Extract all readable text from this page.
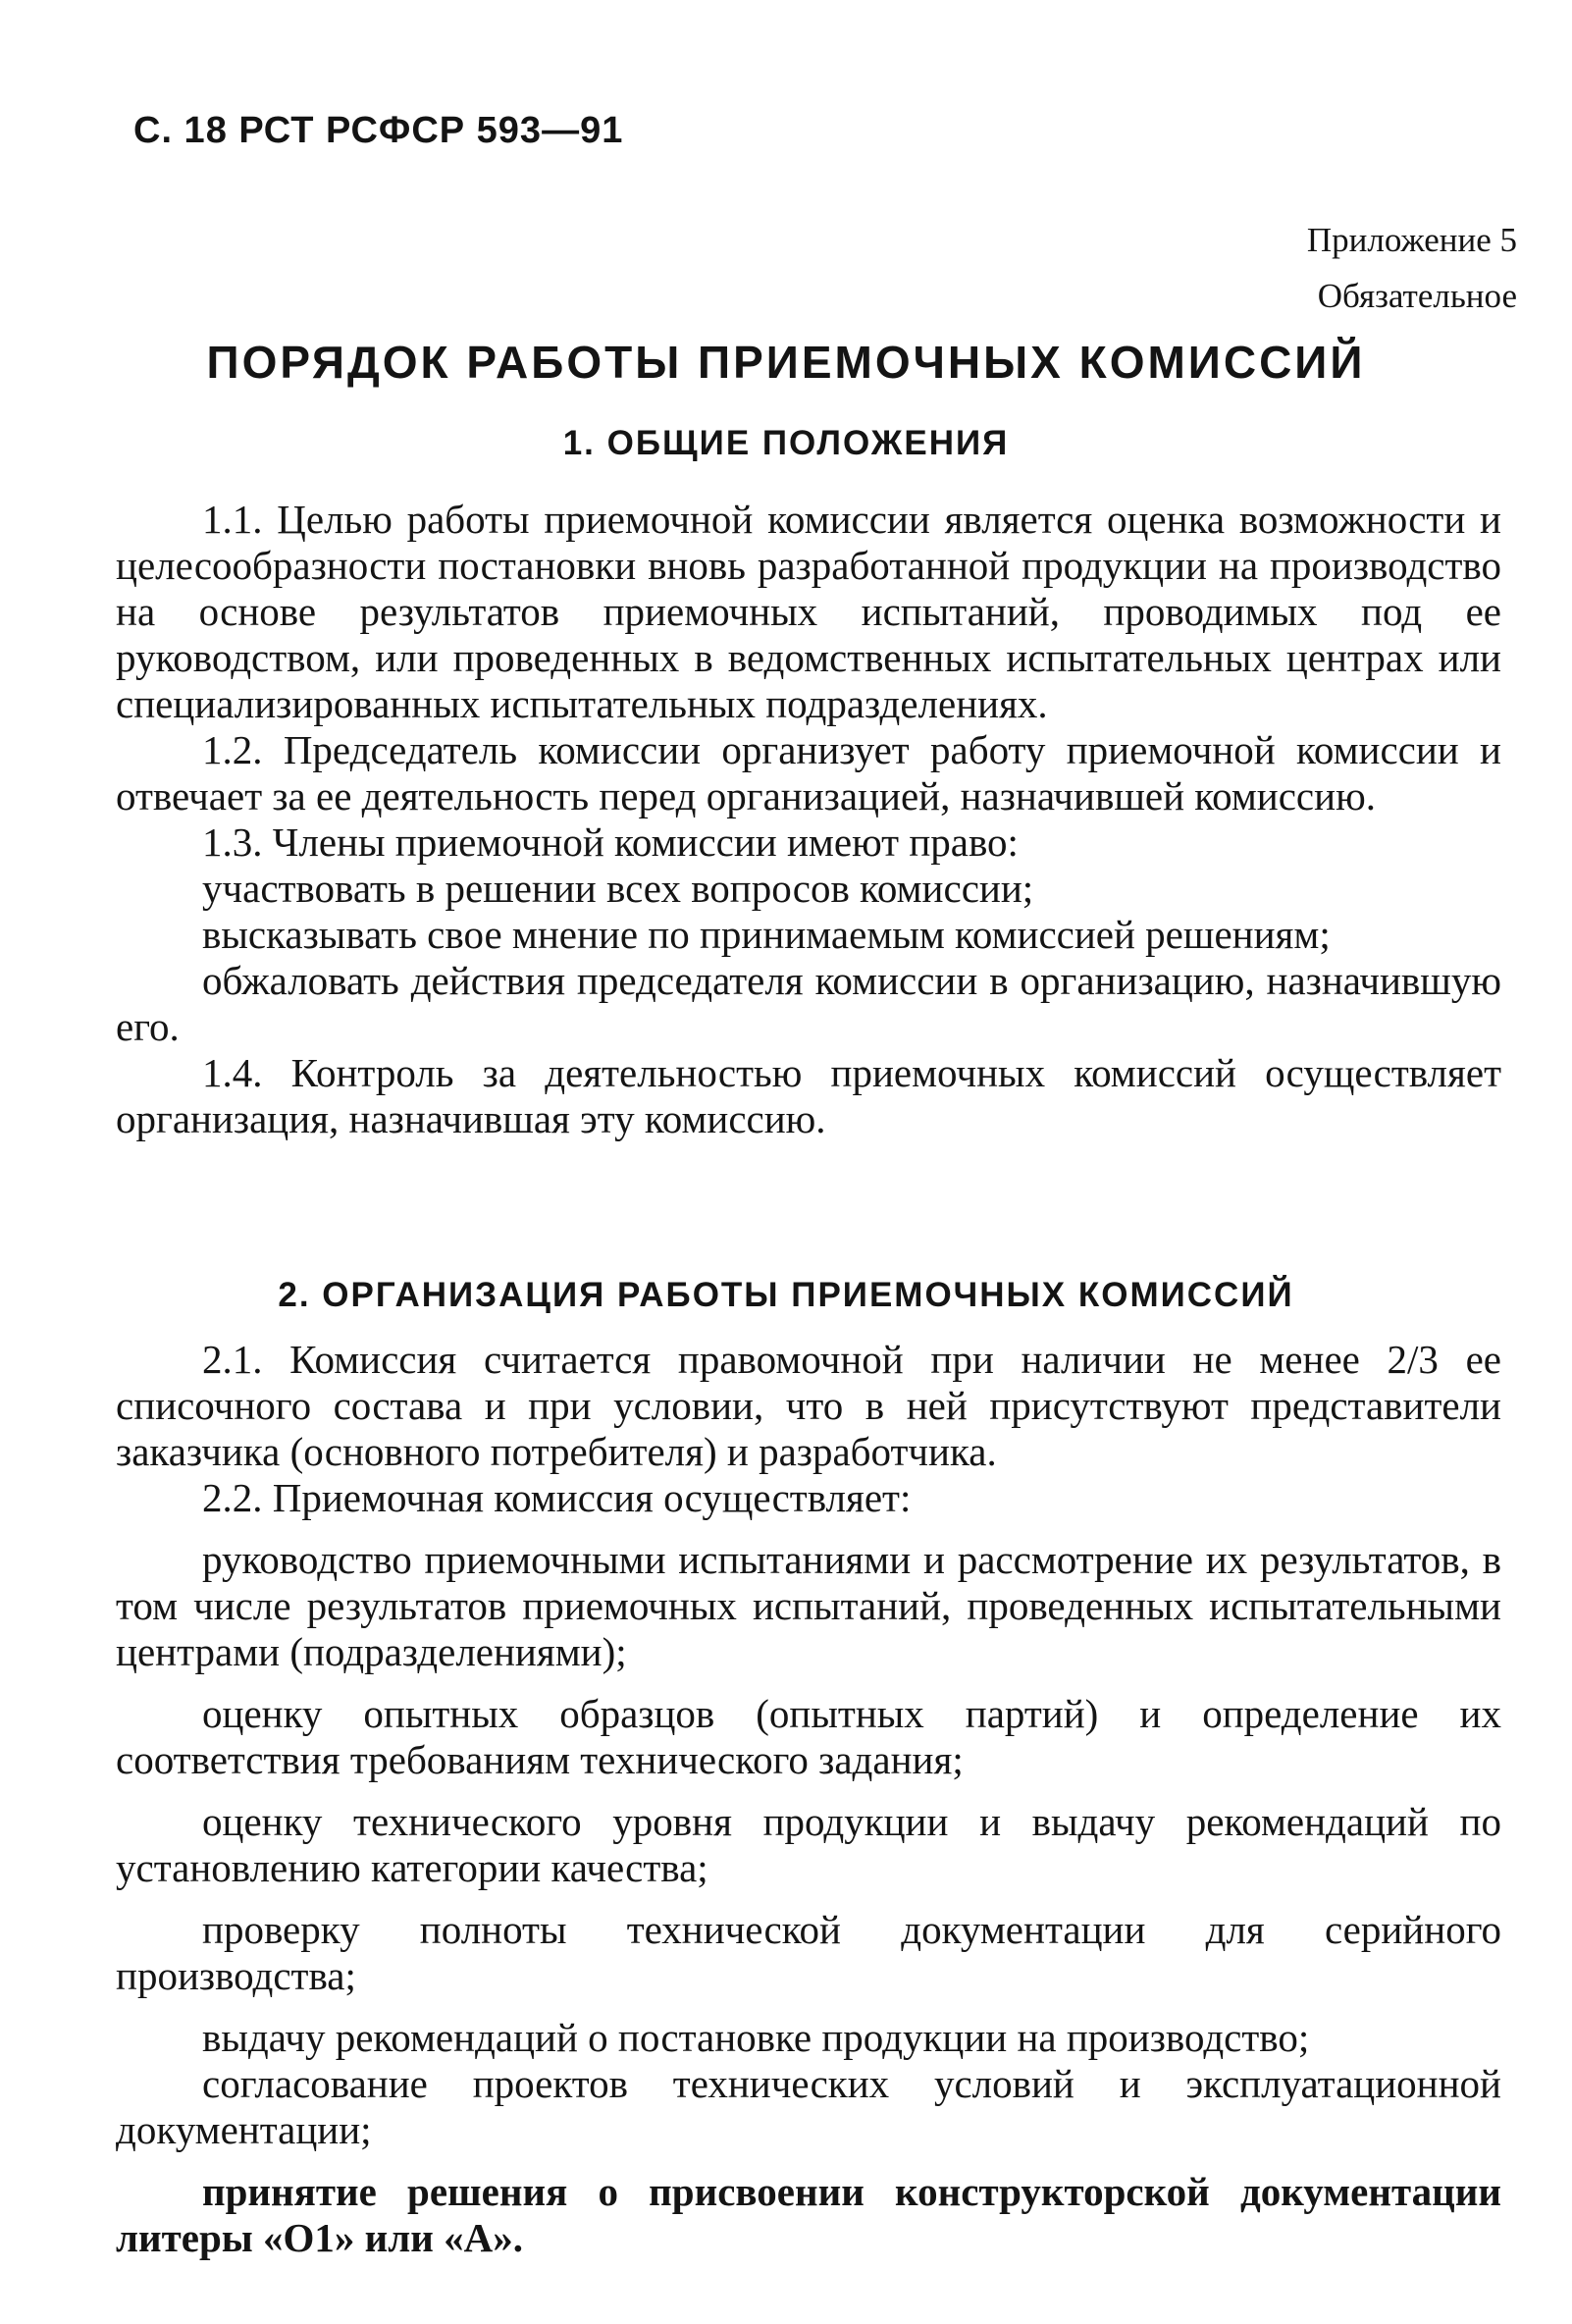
С. 18 РСТ РСФСР 593—91
Приложение 5
Обязательное
ПОРЯДОК РАБОТЫ ПРИЕМОЧНЫХ КОМИССИЙ
1. ОБЩИЕ ПОЛОЖЕНИЯ

1.1. Целью работы приемочной комиссии является оценка возможности и целесообразности постановки вновь разработанной продукции на производство на основе результатов приемочных испытаний, проводимых под ее руководством, или проведенных в ведомственных испытательных центрах или специализированных испытательных подразделениях.

1.2. Председатель комиссии организует работу приемочной комиссии и отвечает за ее деятельность перед организацией, назначившей комиссию.

1.3. Члены приемочной комиссии имеют право:

участвовать в решении всех вопросов комиссии;

высказывать свое мнение по принимаемым комиссией решениям;

обжаловать действия председателя комиссии в организацию, назначившую его.

1.4. Контроль за деятельностью приемочных комиссий осуществляет организация, назначившая эту комиссию.

2. ОРГАНИЗАЦИЯ РАБОТЫ ПРИЕМОЧНЫХ КОМИССИЙ

2.1. Комиссия считается правомочной при наличии не менее 2/3 ее списочного состава и при условии, что в ней присутствуют представители заказчика (основного потребителя) и разработчика.

2.2. Приемочная комиссия осуществляет:

руководство приемочными испытаниями и рассмотрение их результатов, в том числе результатов приемочных испытаний, проведенных испытательными центрами (подразделениями);

оценку опытных образцов (опытных партий) и определение их соответствия требованиям технического задания;

оценку технического уровня продукции и выдачу рекомендаций по установлению категории качества;

проверку полноты технической документации для серийного производства;

выдачу рекомендаций о постановке продукции на производство;

согласование проектов технических условий и эксплуатационной документации;

принятие решения о присвоении конструкторской документации литеры «О1» или «А».
